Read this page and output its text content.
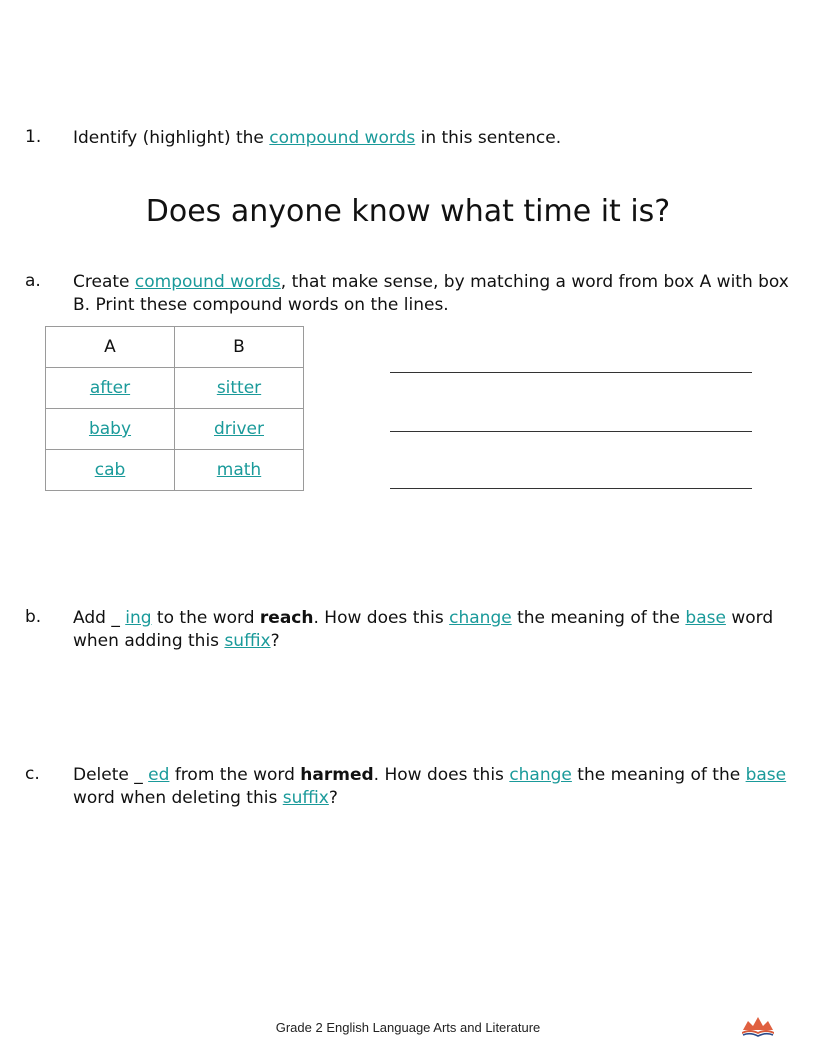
1. Identify (highlight) the compound words in this sentence.
Does anyone know what time it is?
a. Create compound words, that make sense, by matching a word from box A with box B. Print these compound words on the lines.
A	B
after	sitter
baby	driver
cab	math
b. Add _ ing to the word reach. How does this change the meaning of the base word when adding this suffix?
c. Delete _ ed from the word harmed. How does this change the meaning of the base word when deleting this suffix?
Grade 2 English Language Arts and Literature
